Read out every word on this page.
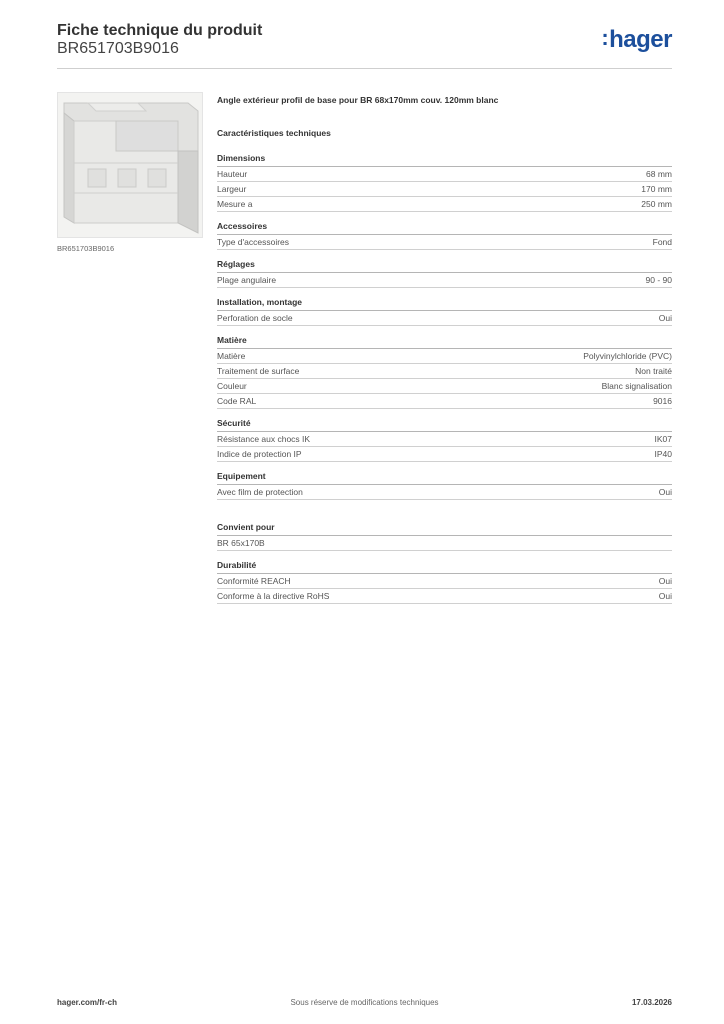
Fiche technique du produit

BR651703B9016	:hager
BR651703B9016

Angle extérieur profil de base pour BR 68x170mm couv. 120mm blanc

Caractéristiques techniques

Dimensions
Hauteur	68 mm
Largeur	170 mm
Mesure a	250 mm
Accessoires
Type d'accessoires	Fond
Réglages
Plage angulaire	90 - 90
Installation, montage
Perforation de socle	Oui
Matière
Matière	Polyvinylchloride (PVC)
Traitement de surface	Non traité
Couleur	Blanc signalisation
Code RAL	9016
Sécurité
Résistance aux chocs IK	IK07
Indice de protection IP	IP40
Equipement
Avec film de protection	Oui
Convient pour
BR 65x170B
Durabilité
Conformité REACH	Oui
Conforme à la directive RoHS	Oui
hager.com/fr-ch	Sous réserve de modifications techniques	17.03.2026
